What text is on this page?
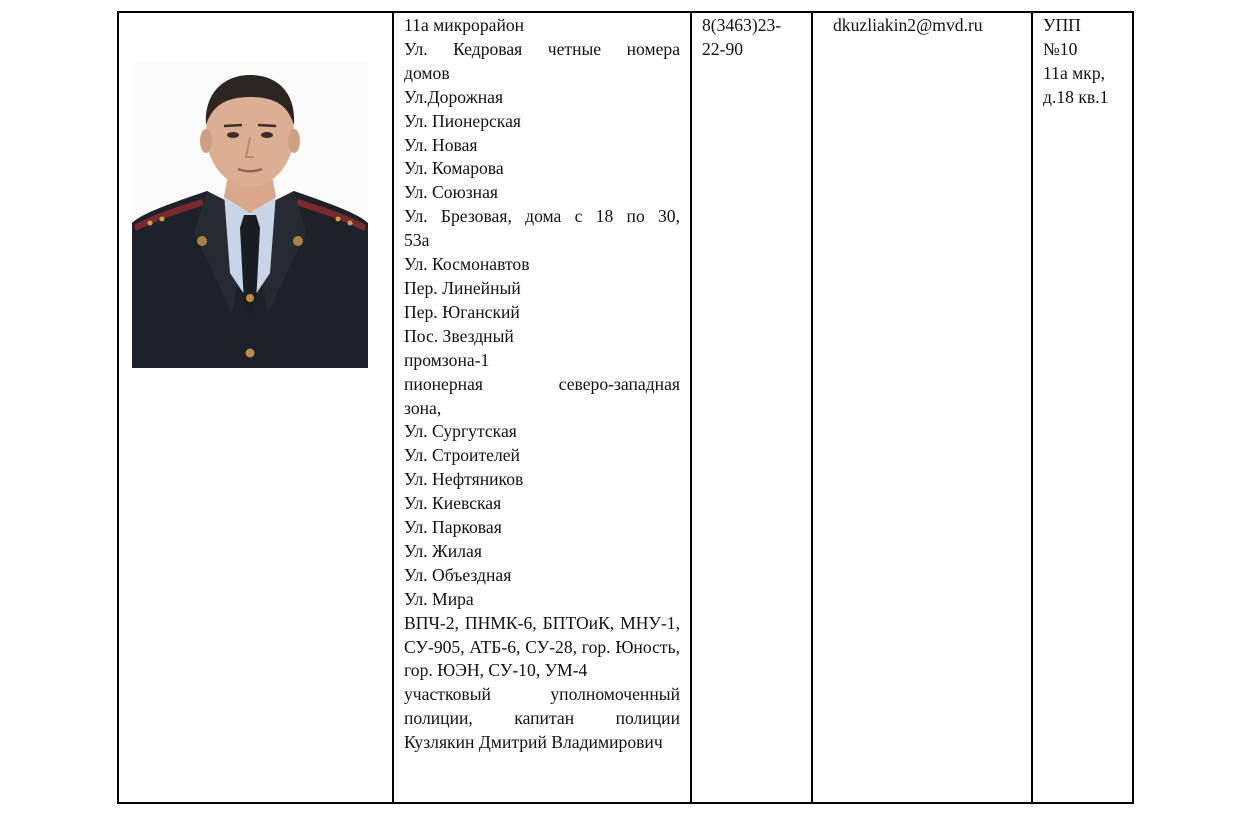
11а микрорайон
Ул. Кедровая четные номера
домов
Ул.Дорожная
Ул. Пионерская
Ул. Новая
Ул. Комарова
Ул. Союзная
Ул. Брезовая, дома с 18 по 30,
53а
Ул. Космонавтов
Пер. Линейный
Пер. Юганский
Пос. Звездный
промзона-1
пионерная северо-западная
зона,
Ул. Сургутская
Ул. Строителей
Ул. Нефтяников
Ул. Киевская
Ул. Парковая
Ул. Жилая
Ул. Объездная
Ул. Мира
ВПЧ-2, ПНМК-6, БПТОиК, МНУ-1, СУ-905, АТБ-6, СУ-28, гор. Юность, гор. ЮЭН, СУ-10, УМ-4
участковый уполномоченный полиции, капитан полиции Кузлякин Дмитрий Владимирович
8(3463)23-
22-90
dkuzliakin2@mvd.ru	УПП
№10
11а мкр,
д.18 кв.1
